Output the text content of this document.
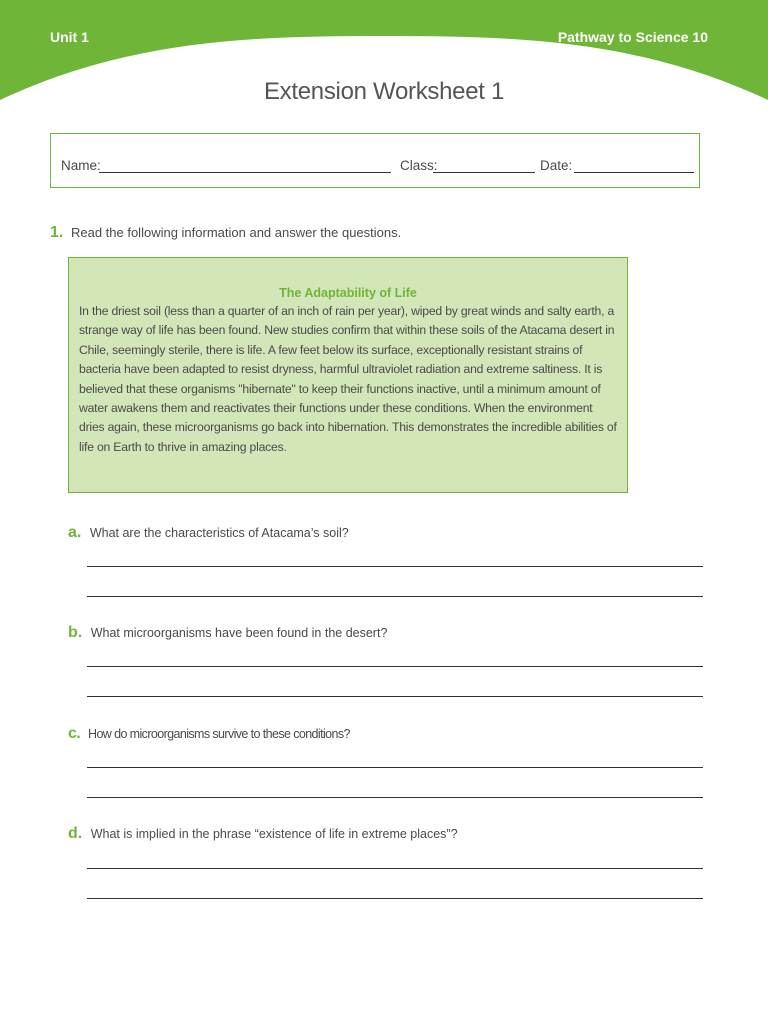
Unit 1	Pathway to Science 10
Extension Worksheet 1
Name:	Class:	Date:
1. Read the following information and answer the questions.
The Adaptability of Life
In the driest soil (less than a quarter of an inch of rain per year), wiped by great winds and salty earth, a strange way of life has been found. New studies confirm that within these soils of the Atacama desert in Chile, seemingly sterile, there is life. A few feet below its surface, exceptionally resistant strains of bacteria have been adapted to resist dryness, harmful ultraviolet radiation and extreme saltiness. It is believed that these organisms "hibernate" to keep their functions inactive, until a minimum amount of water awakens them and reactivates their functions under these conditions. When the environment dries again, these microorganisms go back into hibernation. This demonstrates the incredible abilities of life on Earth to thrive in amazing places.
a. What are the characteristics of Atacama’s soil?
b. What microorganisms have been found in the desert?
c. How do microorganisms survive to these conditions?
d. What is implied in the phrase “existence of life in extreme places”?
